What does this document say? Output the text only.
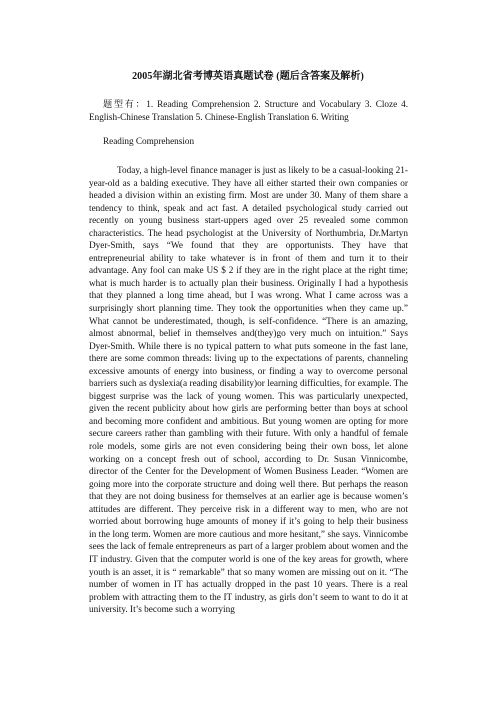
2005年湖北省考博英语真题试卷 (题后含答案及解析)
题型有：1. Reading Comprehension 2. Structure and Vocabulary 3. Cloze 4. English-Chinese Translation 5. Chinese-English Translation 6. Writing
Reading Comprehension

Today, a high-level finance manager is just as likely to be a casual-looking 21-year-old as a balding executive. They have all either started their own companies or headed a division within an existing firm. Most are under 30. Many of them share a tendency to think, speak and act fast. A detailed psychological study carried out recently on young business start-uppers aged over 25 revealed some common characteristics. The head psychologist at the University of Northumbria, Dr.Martyn Dyer-Smith, says “We found that they are opportunists. They have that entrepreneurial ability to take whatever is in front of them and turn it to their advantage. Any fool can make US $ 2 if they are in the right place at the right time; what is much harder is to actually plan their business. Originally I had a hypothesis that they planned a long time ahead, but I was wrong. What I came across was a surprisingly short planning time. They took the opportunities when they came up.” What cannot be underestimated, though, is self-confidence. “There is an amazing, almost abnormal, belief in themselves and(they)go very much on intuition.” Says Dyer-Smith. While there is no typical pattern to what puts someone in the fast lane, there are some common threads: living up to the expectations of parents, channeling excessive amounts of energy into business, or finding a way to overcome personal barriers such as dyslexia(a reading disability)or learning difficulties, for example. The biggest surprise was the lack of young women. This was particularly unexpected, given the recent publicity about how girls are performing better than boys at school and becoming more confident and ambitious. But young women are opting for more secure careers rather than gambling with their future. With only a handful of female role models, some girls are not even considering being their own boss, let alone working on a concept fresh out of school, according to Dr. Susan Vinnicombe, director of the Center for the Development of Women Business Leader. “Women are going more into the corporate structure and doing well there. But perhaps the reason that they are not doing business for themselves at an earlier age is because women’s attitudes are different. They perceive risk in a different way to men, who are not worried about borrowing huge amounts of money if it’s going to help their business in the long term. Women are more cautious and more hesitant,” she says. Vinnicombe sees the lack of female entrepreneurs as part of a larger problem about women and the IT industry. Given that the computer world is one of the key areas for growth, where youth is an asset, it is “ remarkable” that so many women are missing out on it. “The number of women in IT has actually dropped in the past 10 years. There is a real problem with attracting them to the IT industry, as girls don’t seem to want to do it at university. It’s become such a worrying
